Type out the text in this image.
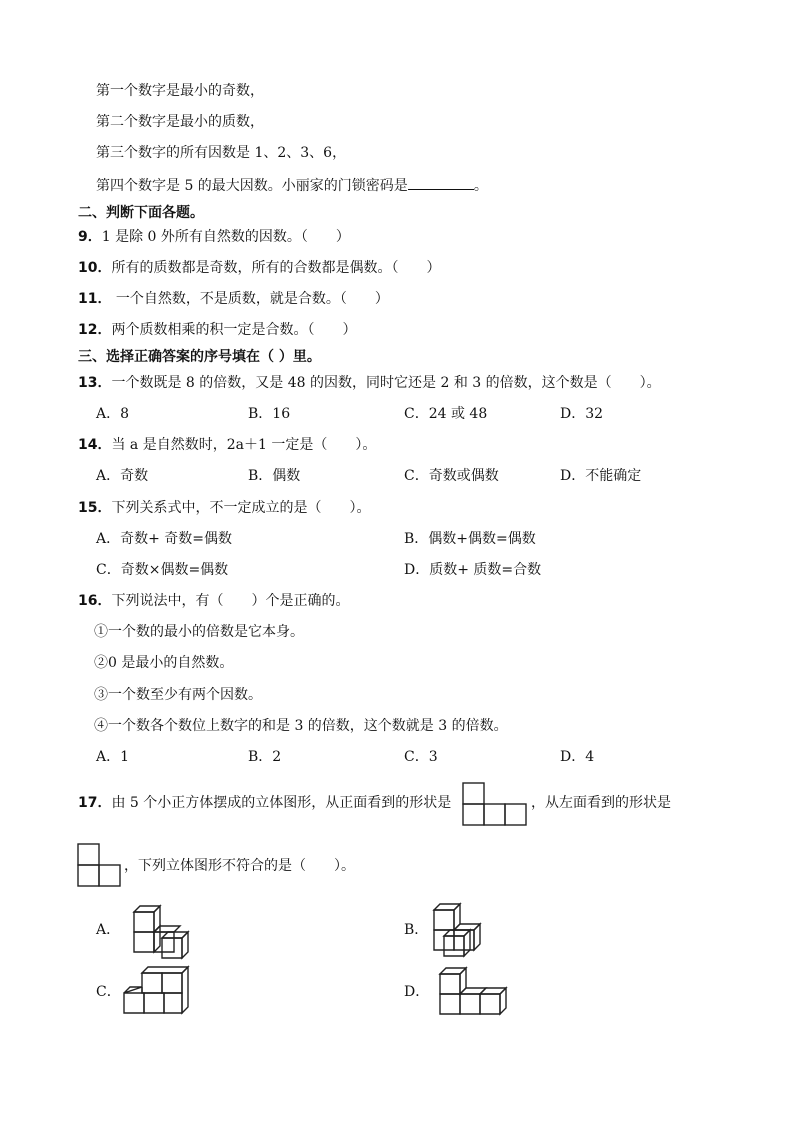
第一个数字是最小的奇数，
第二个数字是最小的质数，
第三个数字的所有因数是 1、2、3、6，
第四个数字是 5 的最大因数。小丽家的门锁密码是	。
二、判断下面各题。
9．1 是除 0 外所有自然数的因数。（　　）
10．所有的质数都是奇数，所有的合数都是偶数。（　　）
11． 一个自然数，不是质数，就是合数。（　　）
12．两个质数相乘的积一定是合数。（　　）
三、选择正确答案的序号填在（ ）里。
13．一个数既是 8 的倍数，又是 48 的因数，同时它还是 2 和 3 的倍数，这个数是（　　）。
A．8	B．16	C．24 或 48	D．32
14．当 a 是自然数时，2a＋1 一定是（　　）。
A．奇数	B．偶数	C．奇数或偶数	D．不能确定
15．下列关系式中，不一定成立的是（　　）。
A．奇数+ 奇数=偶数	B．偶数+偶数=偶数
C．奇数×偶数=偶数	D．质数+ 质数=合数
16．下列说法中，有（　　）个是正确的。
①一个数的最小的倍数是它本身。
②0 是最小的自然数。
③一个数至少有两个因数。
④一个数各个数位上数字的和是 3 的倍数，这个数就是 3 的倍数。
A．1	B．2	C．3	D．4
17．由 5 个小正方体摆成的立体图形，从正面看到的形状是	，从左面看到的形状是
，下列立体图形不符合的是（　　）。
A．	B．
C．	D．
